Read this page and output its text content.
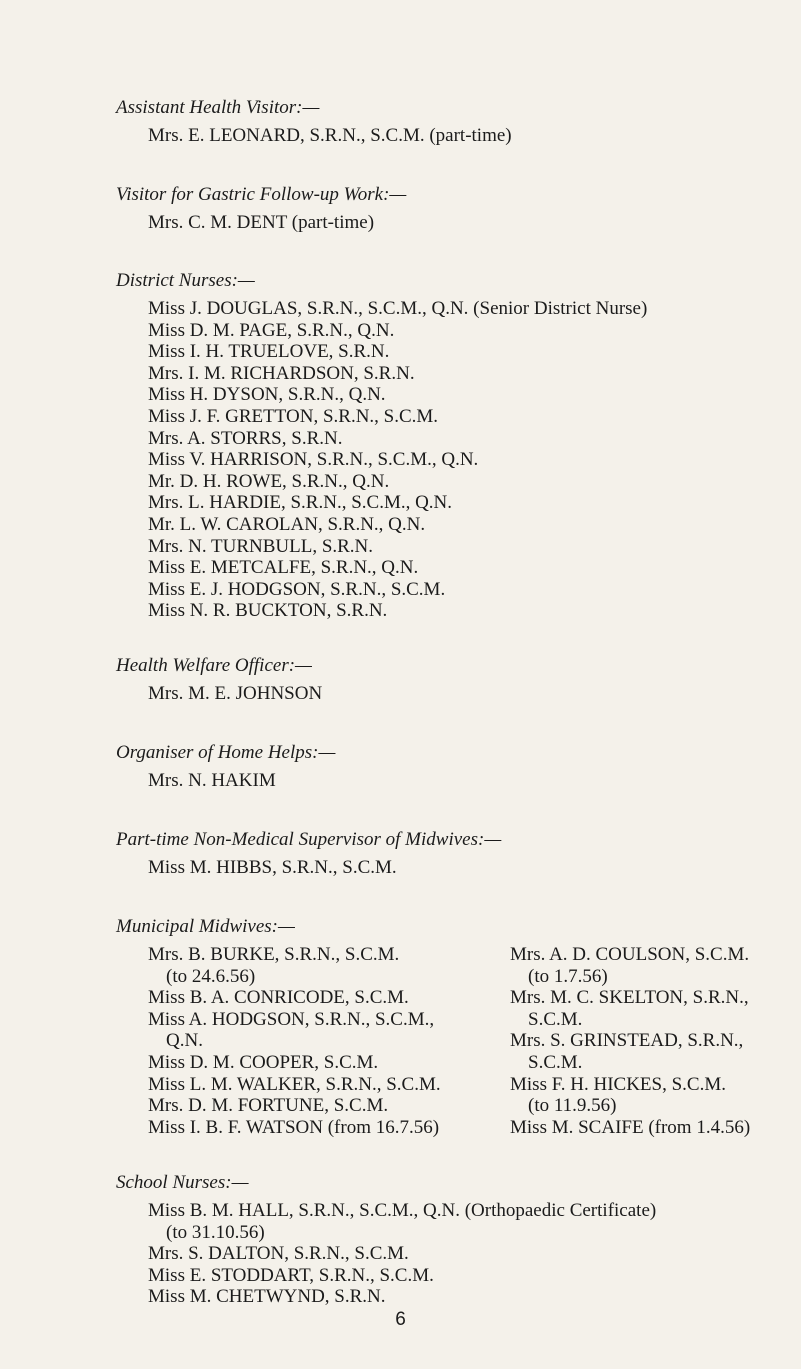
Assistant Health Visitor:—
Mrs. E. LEONARD, S.R.N., S.C.M. (part-time)
Visitor for Gastric Follow-up Work:—
Mrs. C. M. DENT (part-time)
District Nurses:—
Miss J. DOUGLAS, S.R.N., S.C.M., Q.N. (Senior District Nurse)
Miss D. M. PAGE, S.R.N., Q.N.
Miss I. H. TRUELOVE, S.R.N.
Mrs. I. M. RICHARDSON, S.R.N.
Miss H. DYSON, S.R.N., Q.N.
Miss J. F. GRETTON, S.R.N., S.C.M.
Mrs. A. STORRS, S.R.N.
Miss V. HARRISON, S.R.N., S.C.M., Q.N.
Mr. D. H. ROWE, S.R.N., Q.N.
Mrs. L. HARDIE, S.R.N., S.C.M., Q.N.
Mr. L. W. CAROLAN, S.R.N., Q.N.
Mrs. N. TURNBULL, S.R.N.
Miss E. METCALFE, S.R.N., Q.N.
Miss E. J. HODGSON, S.R.N., S.C.M.
Miss N. R. BUCKTON, S.R.N.
Health Welfare Officer:—
Mrs. M. E. JOHNSON
Organiser of Home Helps:—
Mrs. N. HAKIM
Part-time Non-Medical Supervisor of Midwives:—
Miss M. HIBBS, S.R.N., S.C.M.
Municipal Midwives:—
Mrs. B. BURKE, S.R.N., S.C.M.
(to 24.6.56)
Miss B. A. CONRICODE, S.C.M.
Miss A. HODGSON, S.R.N., S.C.M.,
Q.N.
Miss D. M. COOPER, S.C.M.
Miss L. M. WALKER, S.R.N., S.C.M.
Mrs. D. M. FORTUNE, S.C.M.
Miss I. B. F. WATSON (from 16.7.56)
Mrs. A. D. COULSON, S.C.M.
(to 1.7.56)
Mrs. M. C. SKELTON, S.R.N.,
S.C.M.
Mrs. S. GRINSTEAD, S.R.N.,
S.C.M.
Miss F. H. HICKES, S.C.M.
(to 11.9.56)
Miss M. SCAIFE (from 1.4.56)
School Nurses:—
Miss B. M. HALL, S.R.N., S.C.M., Q.N. (Orthopaedic Certificate)
(to 31.10.56)
Mrs. S. DALTON, S.R.N., S.C.M.
Miss E. STODDART, S.R.N., S.C.M.
Miss M. CHETWYND, S.R.N.
6
